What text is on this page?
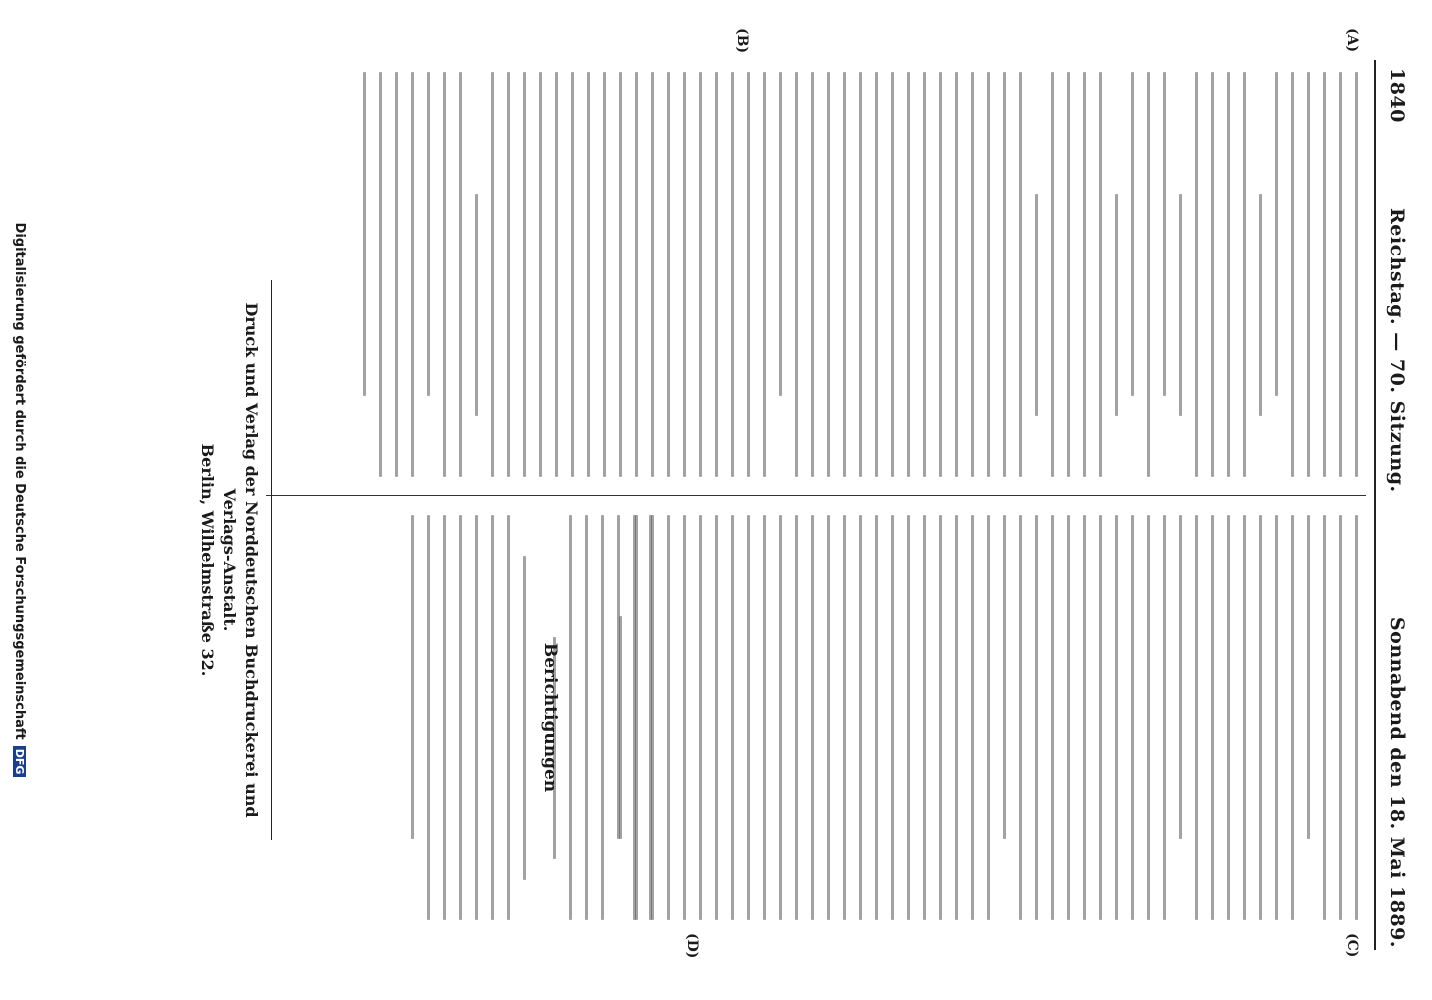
1840
Reichstag. — 70. Sitzung.
Sonnabend den 18. Mai 1889.
(A)
(B)
(C)
(D)
Berichtigungen
Druck und Verlag der Norddeutschen Buchdruckerei und Verlags-Anstalt.
Berlin, Wilhelmstraße 32.
Digitalisierung gefördert durch die Deutsche ForschungsgemeinschaftDFG
